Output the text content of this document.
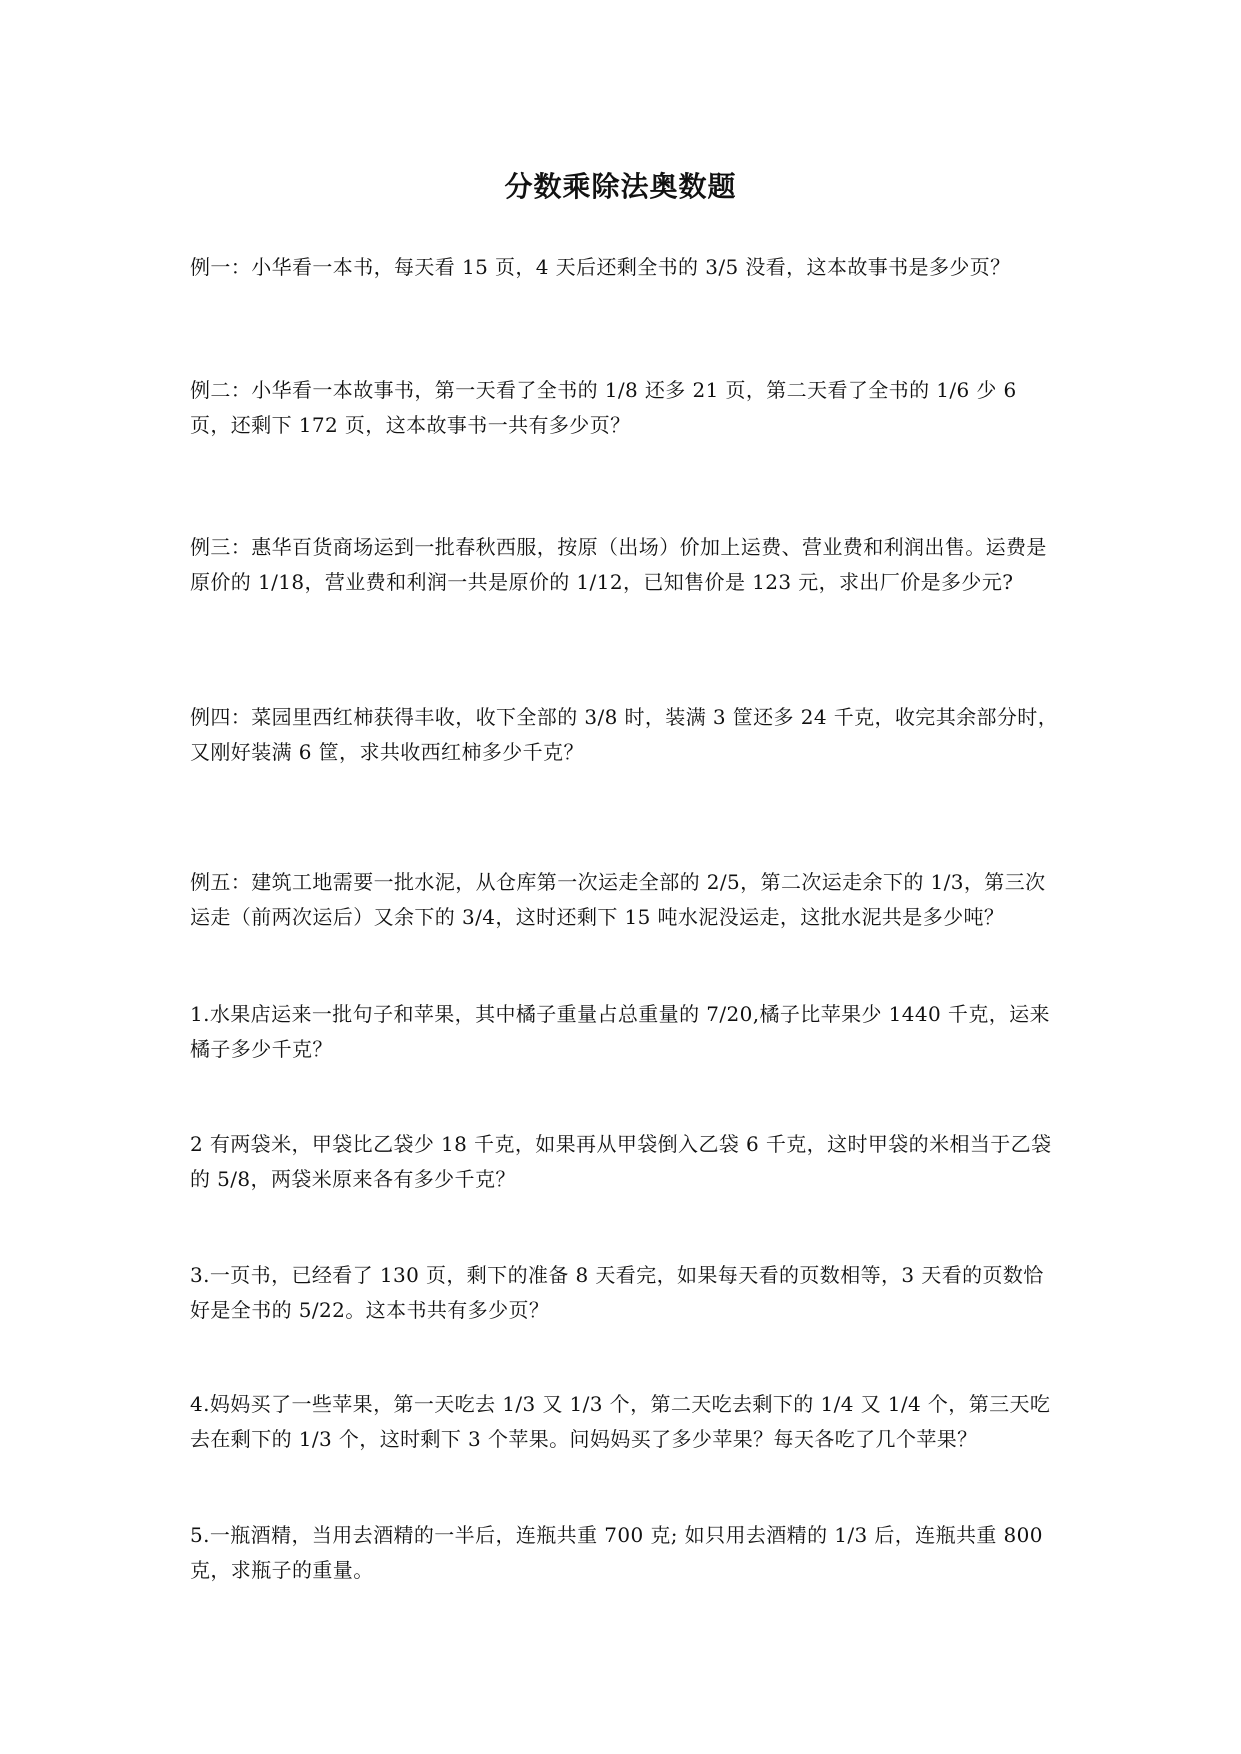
分数乘除法奥数题

例一：小华看一本书，每天看 15 页，4 天后还剩全书的 3/5 没看，这本故事书是多少页？

例二：小华看一本故事书，第一天看了全书的 1/8 还多 21 页，第二天看了全书的 1/6 少 6 页，还剩下 172 页，这本故事书一共有多少页？

例三：惠华百货商场运到一批春秋西服，按原（出场）价加上运费、营业费和利润出售。运费是原价的 1/18，营业费和利润一共是原价的 1/12，已知售价是 123 元，求出厂价是多少元?

例四：菜园里西红柿获得丰收，收下全部的 3/8 时，装满 3 筐还多 24 千克，收完其余部分时，又刚好装满 6 筐，求共收西红柿多少千克？

例五：建筑工地需要一批水泥，从仓库第一次运走全部的 2/5，第二次运走余下的 1/3，第三次运走（前两次运后）又余下的 3/4，这时还剩下 15 吨水泥没运走，这批水泥共是多少吨？

1.水果店运来一批句子和苹果，其中橘子重量占总重量的 7/20,橘子比苹果少 1440 千克，运来橘子多少千克？

2 有两袋米，甲袋比乙袋少 18 千克，如果再从甲袋倒入乙袋 6 千克，这时甲袋的米相当于乙袋的 5/8，两袋米原来各有多少千克？

3.一页书，已经看了 130 页，剩下的准备 8 天看完，如果每天看的页数相等，3 天看的页数恰好是全书的 5/22。这本书共有多少页？

4.妈妈买了一些苹果，第一天吃去 1/3 又 1/3 个，第二天吃去剩下的 1/4 又 1/4 个，第三天吃去在剩下的 1/3 个，这时剩下 3 个苹果。问妈妈买了多少苹果？每天各吃了几个苹果？

5.一瓶酒精，当用去酒精的一半后，连瓶共重 700 克; 如只用去酒精的 1/3 后，连瓶共重 800 克，求瓶子的重量。
